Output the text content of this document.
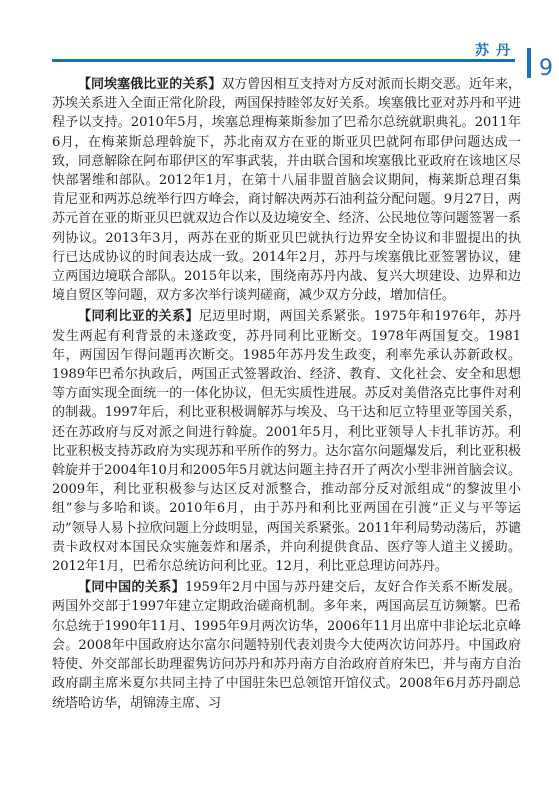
苏丹
9

【同埃塞俄比亚的关系】双方曾因相互支持对方反对派而长期交恶。近年来，苏埃关系进入全面正常化阶段，两国保持睦邻友好关系。埃塞俄比亚对苏丹和平进程予以支持。2010年5月，埃塞总理梅莱斯参加了巴希尔总统就职典礼。2011年6月，在梅莱斯总理斡旋下，苏北南双方在亚的斯亚贝巴就阿布耶伊问题达成一致，同意解除在阿布耶伊区的军事武装，并由联合国和埃塞俄比亚政府在该地区尽快部署维和部队。2012年1月，在第十八届非盟首脑会议期间，梅莱斯总理召集肯尼亚和两苏总统举行四方峰会，商讨解决两苏石油利益分配问题。9月27日，两苏元首在亚的斯亚贝巴就双边合作以及边境安全、经济、公民地位等问题签署一系列协议。2013年3月，两苏在亚的斯亚贝巴就执行边界安全协议和非盟提出的执行已达成协议的时间表达成一致。2014年2月，苏丹与埃塞俄比亚签署协议，建立两国边境联合部队。2015年以来，围绕南苏丹内战、复兴大坝建设、边界和边境自贸区等问题，双方多次举行谈判磋商，减少双方分歧，增加信任。

【同利比亚的关系】尼迈里时期，两国关系紧张。1975年和1976年，苏丹发生两起有利背景的未遂政变，苏丹同利比亚断交。1978年两国复交。1981年，两国因乍得问题再次断交。1985年苏丹发生政变，利率先承认苏新政权。1989年巴希尔执政后，两国正式签署政治、经济、教育、文化社会、安全和思想等方面实现全面统一的一体化协议，但无实质性进展。苏反对美借洛克比事件对利的制裁。1997年后，利比亚积极调解苏与埃及、乌干达和厄立特里亚等国关系，还在苏政府与反对派之间进行斡旋。2001年5月，利比亚领导人卡扎菲访苏。利比亚积极支持苏政府为实现苏和平所作的努力。达尔富尔问题爆发后，利比亚积极斡旋并于2004年10月和2005年5月就达问题主持召开了两次小型非洲首脑会议。2009年，利比亚积极参与达区反对派整合，推动部分反对派组成“的黎波里小组”参与多哈和谈。2010年6月，由于苏丹和利比亚两国在引渡“正义与平等运动”领导人易卜拉欣问题上分歧明显，两国关系紧张。2011年利局势动荡后，苏谴责卡政权对本国民众实施轰炸和屠杀，并向利提供食品、医疗等人道主义援助。2012年1月，巴希尔总统访问利比亚。12月，利比亚总理访问苏丹。

【同中国的关系】1959年2月中国与苏丹建交后，友好合作关系不断发展。两国外交部于1997年建立定期政治磋商机制。多年来，两国高层互访频繁。巴希尔总统于1990年11月、1995年9月两次访华，2006年11月出席中非论坛北京峰会。2008年中国政府达尔富尔问题特别代表刘贵今大使两次访问苏丹。中国政府特使、外交部部长助理翟隽访问苏丹和苏丹南方自治政府首府朱巴，并与南方自治政府副主席米夏尔共同主持了中国驻朱巴总领馆开馆仪式。2008年6月苏丹副总统塔哈访华，胡锦涛主席、习
